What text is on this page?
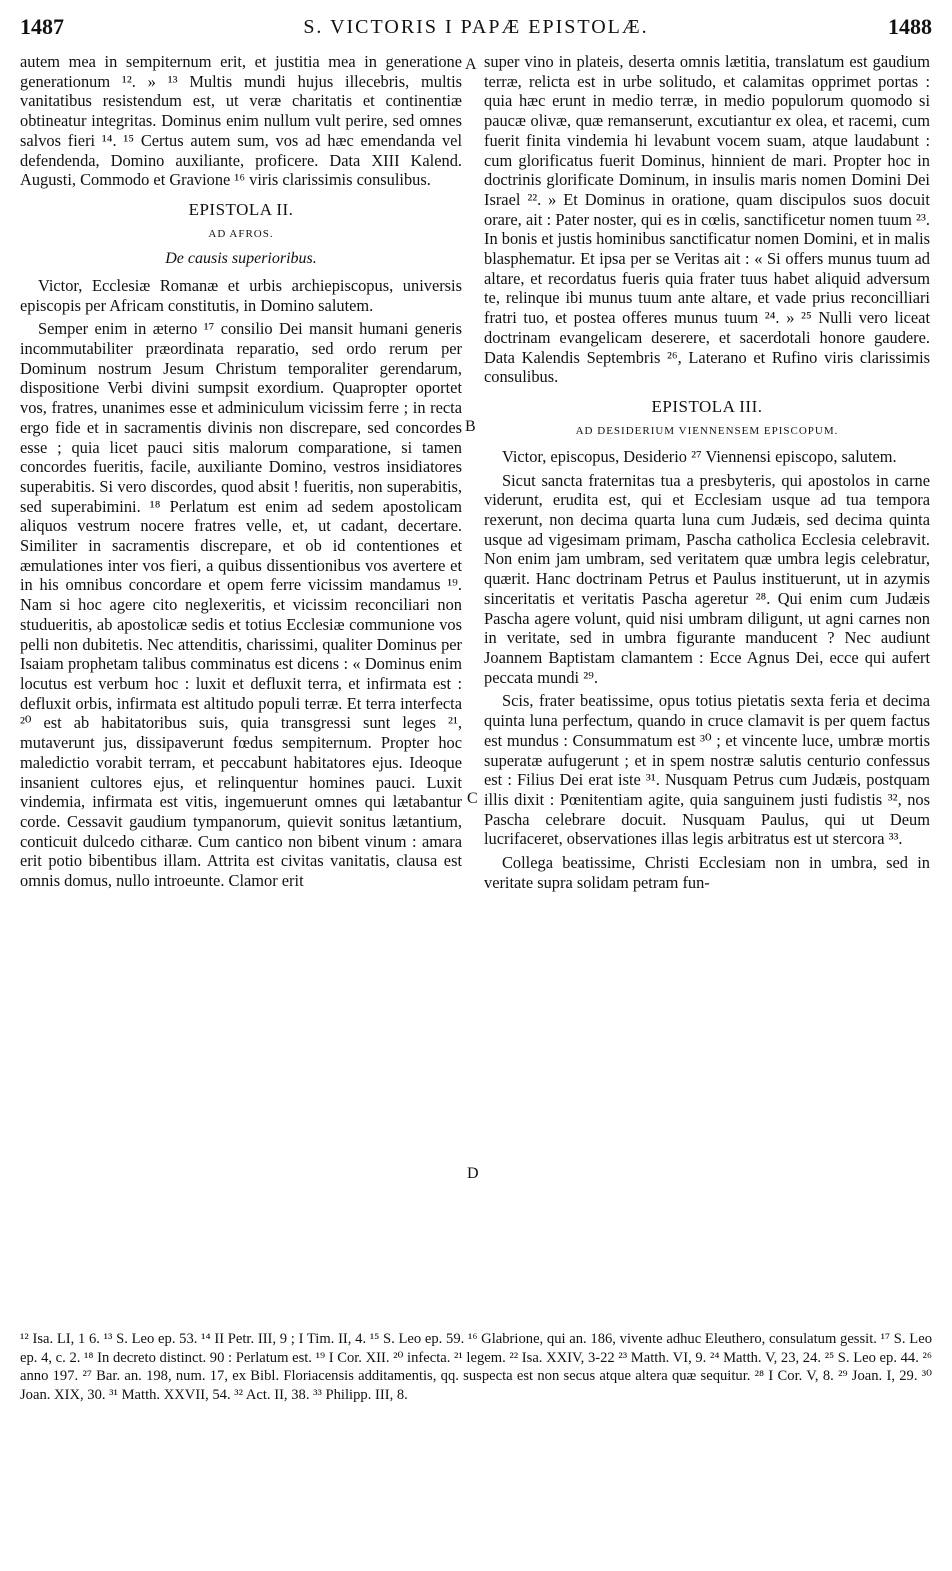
1487	S. VICTORIS I PAPÆ EPISTOLÆ.	1488
A
B
C
D

autem mea in sempiternum erit, et justitia mea in generatione generationum ¹². » ¹³ Multis mundi hujus illecebris, multis vanitatibus resistendum est, ut veræ charitatis et continentiæ obtineatur integritas. Dominus enim nullum vult perire, sed omnes salvos fieri ¹⁴. ¹⁵ Certus autem sum, vos ad hæc emendanda vel defendenda, Domino auxiliante, proficere. Data XIII Kalend. Augusti, Commodo et Gravione ¹⁶ viris clarissimis consulibus.

EPISTOLA II.
AD AFROS.
De causis superioribus.

Victor, Ecclesiæ Romanæ et urbis archiepiscopus, universis episcopis per Africam constitutis, in Domino salutem.

Semper enim in æterno ¹⁷ consilio Dei mansit humani generis incommutabiliter præordinata reparatio, sed ordo rerum per Dominum nostrum Jesum Christum temporaliter gerendarum, dispositione Verbi divini sumpsit exordium. Quapropter oportet vos, fratres, unanimes esse et adminiculum vicissim ferre ; in recta ergo fide et in sacramentis divinis non discrepare, sed concordes esse ; quia licet pauci sitis malorum comparatione, si tamen concordes fueritis, facile, auxiliante Domino, vestros insidiatores superabitis. Si vero discordes, quod absit ! fueritis, non superabitis, sed superabimini. ¹⁸ Perlatum est enim ad sedem apostolicam aliquos vestrum nocere fratres velle, et, ut cadant, decertare. Similiter in sacramentis discrepare, et ob id contentiones et æmulationes inter vos fieri, a quibus dissentionibus vos avertere et in his omnibus concordare et opem ferre vicissim mandamus ¹⁹. Nam si hoc agere cito neglexeritis, et vicissim reconciliari non studueritis, ab apostolicæ sedis et totius Ecclesiæ communione vos pelli non dubitetis. Nec attenditis, charissimi, qualiter Dominus per Isaiam prophetam talibus comminatus est dicens : « Dominus enim locutus est verbum hoc : luxit et defluxit terra, et infirmata est : defluxit orbis, infirmata est altitudo populi terræ. Et terra interfecta ²⁰ est ab habitatoribus suis, quia transgressi sunt leges ²¹, mutaverunt jus, dissipaverunt fœdus sempiternum. Propter hoc maledictio vorabit terram, et peccabunt habitatores ejus. Ideoque insanient cultores ejus, et relinquentur homines pauci. Luxit vindemia, infirmata est vitis, ingemuerunt omnes qui lætabantur corde. Cessavit gaudium tympanorum, quievit sonitus lætantium, conticuit dulcedo citharæ. Cum cantico non bibent vinum : amara erit potio bibentibus illam. Attrita est civitas vanitatis, clausa est omnis domus, nullo introeunte. Clamor erit

super vino in plateis, deserta omnis lætitia, translatum est gaudium terræ, relicta est in urbe solitudo, et calamitas opprimet portas : quia hæc erunt in medio terræ, in medio populorum quomodo si paucæ olivæ, quæ remanserunt, excutiantur ex olea, et racemi, cum fuerit finita vindemia hi levabunt vocem suam, atque laudabunt : cum glorificatus fuerit Dominus, hinnient de mari. Propter hoc in doctrinis glorificate Dominum, in insulis maris nomen Domini Dei Israel ²². » Et Dominus in oratione, quam discipulos suos docuit orare, ait : Pater noster, qui es in cœlis, sanctificetur nomen tuum ²³. In bonis et justis hominibus sanctificatur nomen Domini, et in malis blasphematur. Et ipsa per se Veritas ait : « Si offers munus tuum ad altare, et recordatus fueris quia frater tuus habet aliquid adversum te, relinque ibi munus tuum ante altare, et vade prius reconcilliari fratri tuo, et postea offeres munus tuum ²⁴. » ²⁵ Nulli vero liceat doctrinam evangelicam deserere, et sacerdotali honore gaudere. Data Kalendis Septembris ²⁶, Laterano et Rufino viris clarissimis consulibus.

EPISTOLA III.
AD DESIDERIUM VIENNENSEM EPISCOPUM.

Victor, episcopus, Desiderio ²⁷ Viennensi episcopo, salutem.

Sicut sancta fraternitas tua a presbyteris, qui apostolos in carne viderunt, erudita est, qui et Ecclesiam usque ad tua tempora rexerunt, non decima quarta luna cum Judæis, sed decima quinta usque ad vigesimam primam, Pascha catholica Ecclesia celebravit. Non enim jam umbram, sed veritatem quæ umbra legis celebratur, quærit. Hanc doctrinam Petrus et Paulus instituerunt, ut in azymis sinceritatis et veritatis Pascha ageretur ²⁸. Qui enim cum Judæis Pascha agere volunt, quid nisi umbram diligunt, ut agni carnes non in veritate, sed in umbra figurante manducent ? Nec audiunt Joannem Baptistam clamantem : Ecce Agnus Dei, ecce qui aufert peccata mundi ²⁹.

Scis, frater beatissime, opus totius pietatis sexta feria et decima quinta luna perfectum, quando in cruce clamavit is per quem factus est mundus : Consummatum est ³⁰ ; et vincente luce, umbræ mortis superatæ aufugerunt ; et in spem nostræ salutis centurio confessus est : Filius Dei erat iste ³¹. Nusquam Petrus cum Judæis, postquam illis dixit : Pœnitentiam agite, quia sanguinem justi fudistis ³², nos Pascha celebrare docuit. Nusquam Paulus, qui ut Deum lucrifaceret, observationes illas legis arbitratus est ut stercora ³³.

Collega beatissime, Christi Ecclesiam non in umbra, sed in veritate supra solidam petram fun-

¹² Isa. LI, 1 6. ¹³ S. Leo ep. 53. ¹⁴ II Petr. III, 9 ; I Tim. II, 4. ¹⁵ S. Leo ep. 59. ¹⁶ Glabrione, qui an. 186, vivente adhuc Eleuthero, consulatum gessit. ¹⁷ S. Leo ep. 4, c. 2. ¹⁸ In decreto distinct. 90 : Perlatum est. ¹⁹ I Cor. XII. ²⁰ infecta. ²¹ legem. ²² Isa. XXIV, 3-22 ²³ Matth. VI, 9. ²⁴ Matth. V, 23, 24. ²⁵ S. Leo ep. 44. ²⁶ anno 197. ²⁷ Bar. an. 198, num. 17, ex Bibl. Floriacensis additamentis, qq. suspecta est non secus atque altera quæ sequitur. ²⁸ I Cor. V, 8. ²⁹ Joan. I, 29. ³⁰ Joan. XIX, 30. ³¹ Matth. XXVII, 54. ³² Act. II, 38. ³³ Philipp. III, 8.
